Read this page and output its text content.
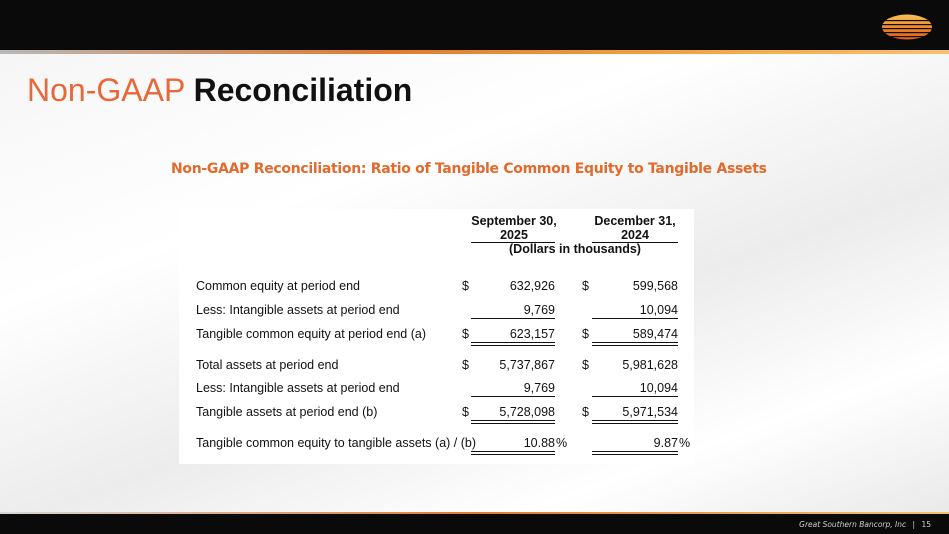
Non-GAAP Reconciliation
Non-GAAP Reconciliation: Ratio of Tangible Common Equity to Tangible Assets
September 30,
2025
December 31,
2024
(Dollars in thousands)
Common equity at period end	$	632,926 $	599,568
Less: Intangible assets at period end	9,769	10,094
Tangible common equity at period end (a)	$	623,157 $	589,474
Total assets at period end	$	5,737,867 $	5,981,628
Less: Intangible assets at period end	9,769	10,094
Tangible assets at period end (b)	$	5,728,098 $	5,971,534
Tangible common equity to tangible assets (a) / (b)	10.88 %	9.87 %
Great Southern Bancorp, Inc | 15
